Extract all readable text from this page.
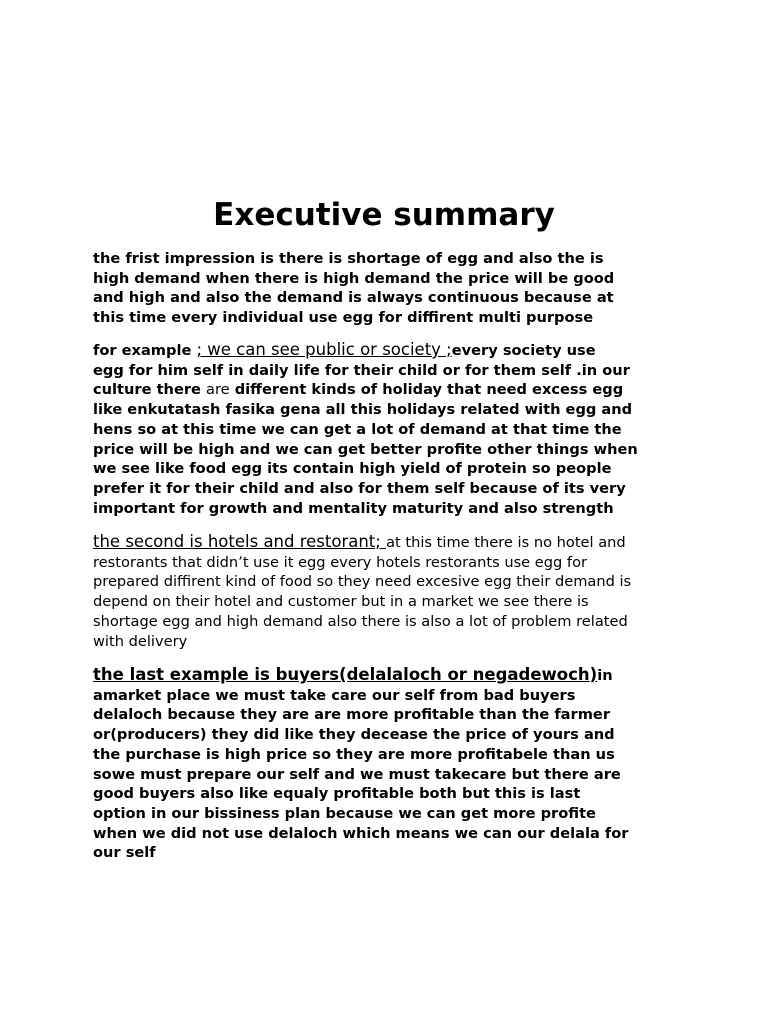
Executive summary

the frist impression is there is shortage of egg and also the is
high demand when there is high demand the price will be good
and high and also the demand is always continuous because at
this time every individual use egg for diffirent multi purpose

for example ; we can see public or society ;every society use
egg for him self in daily life for their child or for them self .in our
culture there are different kinds of holiday that need excess egg
like enkutatash fasika gena all this holidays related with egg and
hens so at this time we can get a lot of demand at that time the
price will be high and we can get better profite other things when
we see like food egg its contain high yield of protein so people
prefer it for their child and also for them self because of its very
important for growth and mentality maturity and also strength

the second is hotels and restorant; at this time there is no hotel and
restorants that didn’t use it egg every hotels restorants use egg for
prepared diffirent kind of food so they need excesive egg their demand is
depend on their hotel and customer but in a market we see there is
shortage egg and high demand also there is also a lot of problem related
with delivery

the last example is buyers(delalaloch or negadewoch)in
amarket place we must take care our self from bad buyers
delaloch because they are are more profitable than the farmer
or(producers) they did like they decease the price of yours and
the purchase is high price so they are more profitabele than us
sowe must prepare our self and we must takecare but there are
good buyers also like equaly profitable both but this is last
option in our bissiness plan because we can get more profite
when we did not use delaloch which means we can our delala for
our self
